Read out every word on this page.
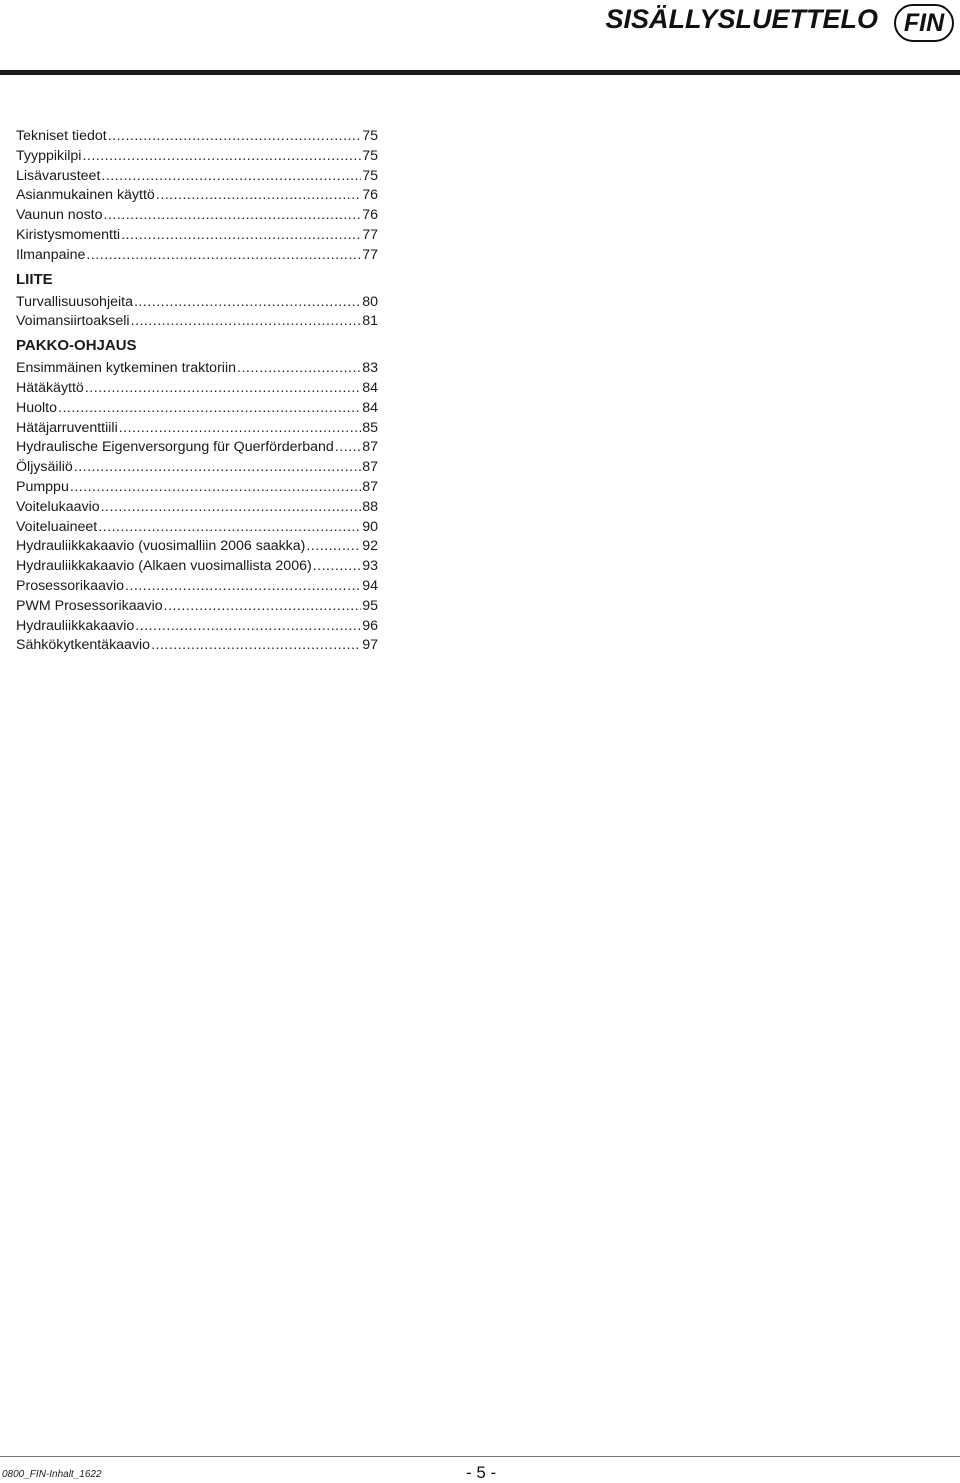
SISÄLLYSLUETTELO	FIN
Tekniset tiedot .....	75
Tyyppikilpi .....	75
Lisävarusteet .....	75
Asianmukainen käyttö .....	76
Vaunun nosto .....	76
Kiristysmomentti .....	77
Ilmanpaine .....	77
LIITE
Turvallisuusohjeita .....	80
Voimansiirtoakseli .....	81
PAKKO-OHJAUS
Ensimmäinen kytkeminen traktoriin .....	83
Hätäkäyttö .....	84
Huolto .....	84
Hätäjarruventtiili .....	85
Hydraulische Eigenversorgung für Querförderband ..... 87
Öljysäiliö .....	87
Pumppu .....	87
Voitelukaavio .....	88
Voiteluaineet .....	90
Hydrauliikkakaavio (vuosimalliin 2006 saakka) .....	92
Hydrauliikkakaavio (Alkaen vuosimallista 2006) .....	93
Prosessorikaavio .....	94
PWM Prosessorikaavio .....	95
Hydrauliikkakaavio .....	96
Sähkökytkentäkaavio .....	97
0800_FIN-Inhalt_1622	- 5 -
